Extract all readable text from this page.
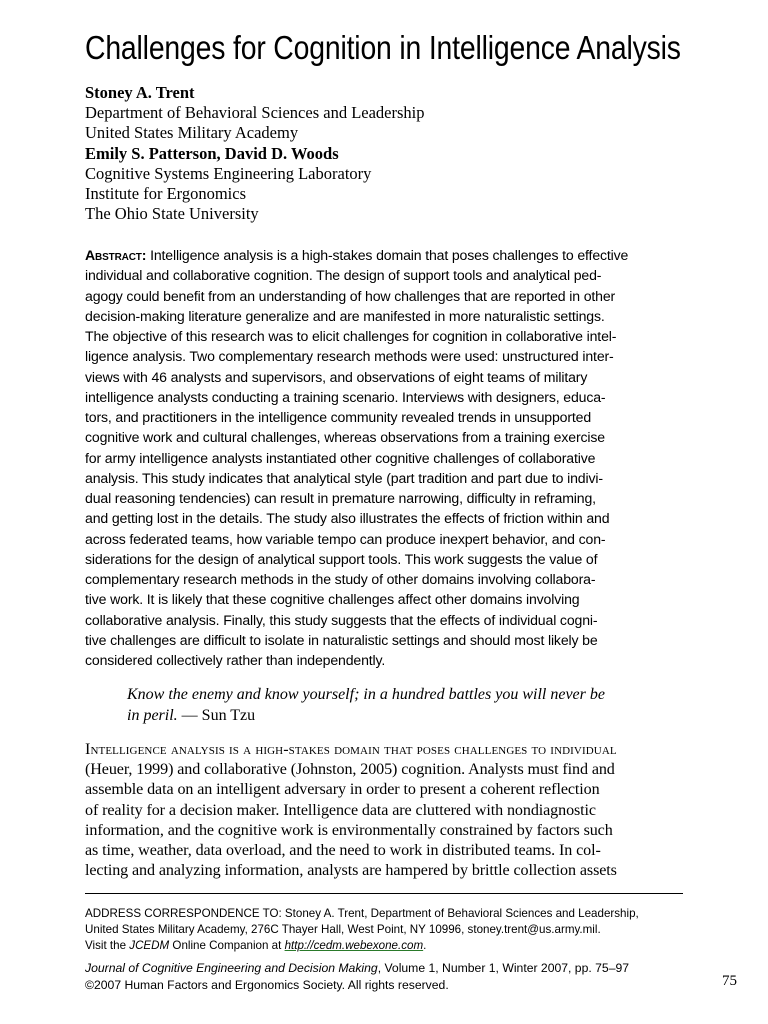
Challenges for Cognition in Intelligence Analysis
Stoney A. Trent
Department of Behavioral Sciences and Leadership
United States Military Academy
Emily S. Patterson, David D. Woods
Cognitive Systems Engineering Laboratory
Institute for Ergonomics
The Ohio State University
Abstract: Intelligence analysis is a high-stakes domain that poses challenges to effective
individual and collaborative cognition. The design of support tools and analytical ped-
agogy could benefit from an understanding of how challenges that are reported in other
decision-making literature generalize and are manifested in more naturalistic settings.
The objective of this research was to elicit challenges for cognition in collaborative intel-
ligence analysis. Two complementary research methods were used: unstructured inter-
views with 46 analysts and supervisors, and observations of eight teams of military
intelligence analysts conducting a training scenario. Interviews with designers, educa-
tors, and practitioners in the intelligence community revealed trends in unsupported
cognitive work and cultural challenges, whereas observations from a training exercise
for army intelligence analysts instantiated other cognitive challenges of collaborative
analysis. This study indicates that analytical style (part tradition and part due to indivi-
dual reasoning tendencies) can result in premature narrowing, difficulty in reframing,
and getting lost in the details. The study also illustrates the effects of friction within and
across federated teams, how variable tempo can produce inexpert behavior, and con-
siderations for the design of analytical support tools. This work suggests the value of
complementary research methods in the study of other domains involving collabora-
tive work. It is likely that these cognitive challenges affect other domains involving
collaborative analysis. Finally, this study suggests that the effects of individual cogni-
tive challenges are difficult to isolate in naturalistic settings and should most likely be
considered collectively rather than independently.
Know the enemy and know yourself; in a hundred battles you will never be
in peril. — Sun Tzu
Intelligence analysis is a high-stakes domain that poses challenges to individual
(Heuer, 1999) and collaborative (Johnston, 2005) cognition. Analysts must find and
assemble data on an intelligent adversary in order to present a coherent reflection
of reality for a decision maker. Intelligence data are cluttered with nondiagnostic
information, and the cognitive work is environmentally constrained by factors such
as time, weather, data overload, and the need to work in distributed teams. In col-
lecting and analyzing information, analysts are hampered by brittle collection assets
ADDRESS CORRESPONDENCE TO: Stoney A. Trent, Department of Behavioral Sciences and Leadership,
United States Military Academy, 276C Thayer Hall, West Point, NY 10996, stoney.trent@us.army.mil.
Visit the JCEDM Online Companion at http://cedm.webexone.com.
Journal of Cognitive Engineering and Decision Making, Volume 1, Number 1, Winter 2007, pp. 75–97
©2007 Human Factors and Ergonomics Society. All rights reserved.	75
